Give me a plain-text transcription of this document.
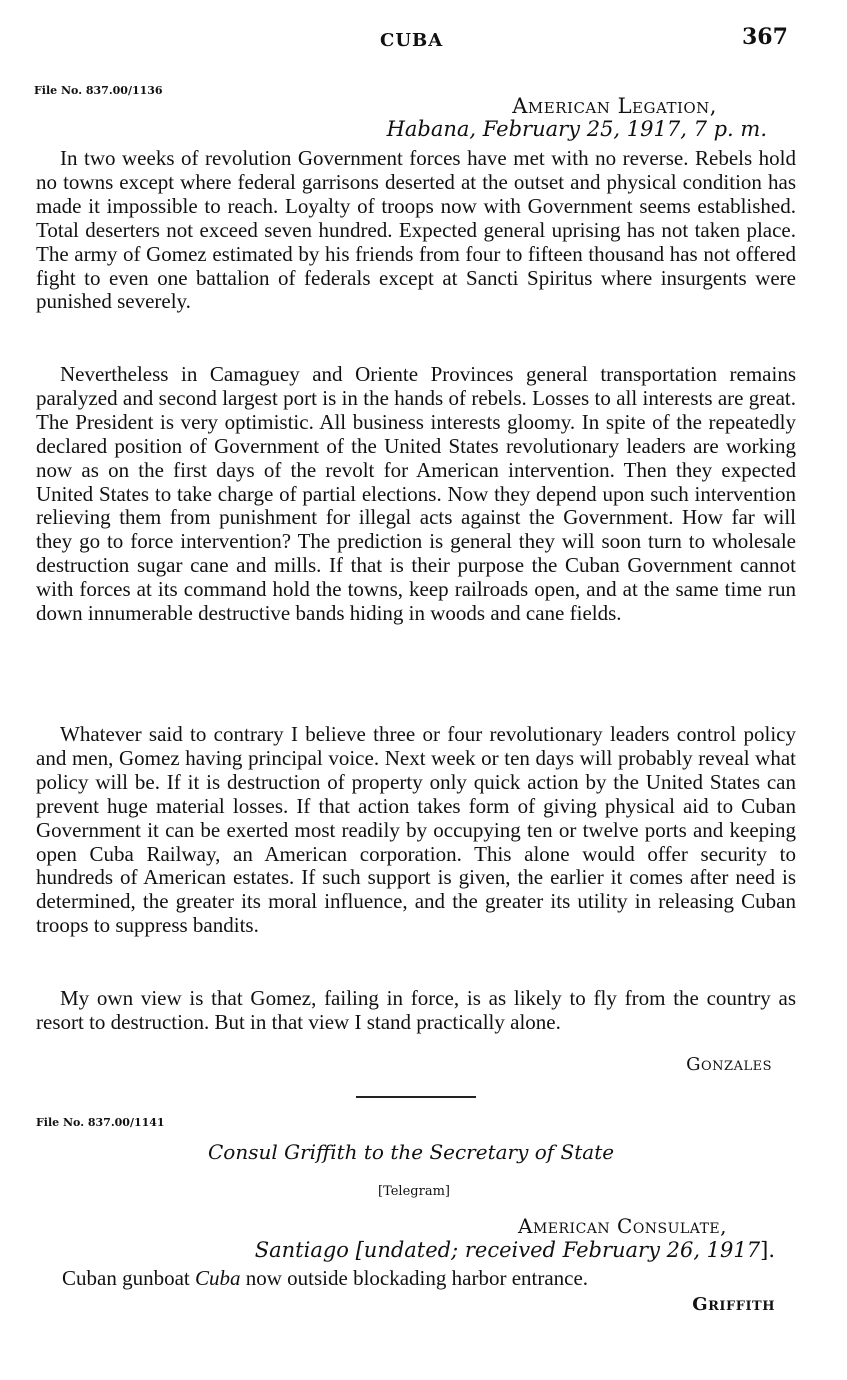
CUBA	367
File No. 837.00/1136
American Legation,
Habana, February 25, 1917, 7 p. m.

In two weeks of revolution Government forces have met with no reverse. Rebels hold no towns except where federal garrisons deserted at the outset and physical condition has made it impossible to reach. Loyalty of troops now with Government seems established. Total deserters not exceed seven hundred. Expected general uprising has not taken place. The army of Gomez estimated by his friends from four to fifteen thousand has not offered fight to even one battalion of federals except at Sancti Spiritus where insurgents were punished severely.

Nevertheless in Camaguey and Oriente Provinces general transportation remains paralyzed and second largest port is in the hands of rebels. Losses to all interests are great. The President is very optimistic. All business interests gloomy. In spite of the repeatedly declared position of Government of the United States revolutionary leaders are working now as on the first days of the revolt for American intervention. Then they expected United States to take charge of partial elections. Now they depend upon such intervention relieving them from punishment for illegal acts against the Government. How far will they go to force intervention? The prediction is general they will soon turn to wholesale destruction sugar cane and mills. If that is their purpose the Cuban Government cannot with forces at its command hold the towns, keep railroads open, and at the same time run down innumerable destructive bands hiding in woods and cane fields.

Whatever said to contrary I believe three or four revolutionary leaders control policy and men, Gomez having principal voice. Next week or ten days will probably reveal what policy will be. If it is destruction of property only quick action by the United States can prevent huge material losses. If that action takes form of giving physical aid to Cuban Government it can be exerted most readily by occupying ten or twelve ports and keeping open Cuba Railway, an American corporation. This alone would offer security to hundreds of American estates. If such support is given, the earlier it comes after need is determined, the greater its moral influence, and the greater its utility in releasing Cuban troops to suppress bandits.

My own view is that Gomez, failing in force, is as likely to fly from the country as resort to destruction. But in that view I stand practically alone.

Gonzales
File No. 837.00/1141
Consul Griffith to the Secretary of State
[Telegram]
American Consulate,
Santiago [undated; received February 26, 1917].
Cuban gunboat Cuba now outside blockading harbor entrance.
Griffith
